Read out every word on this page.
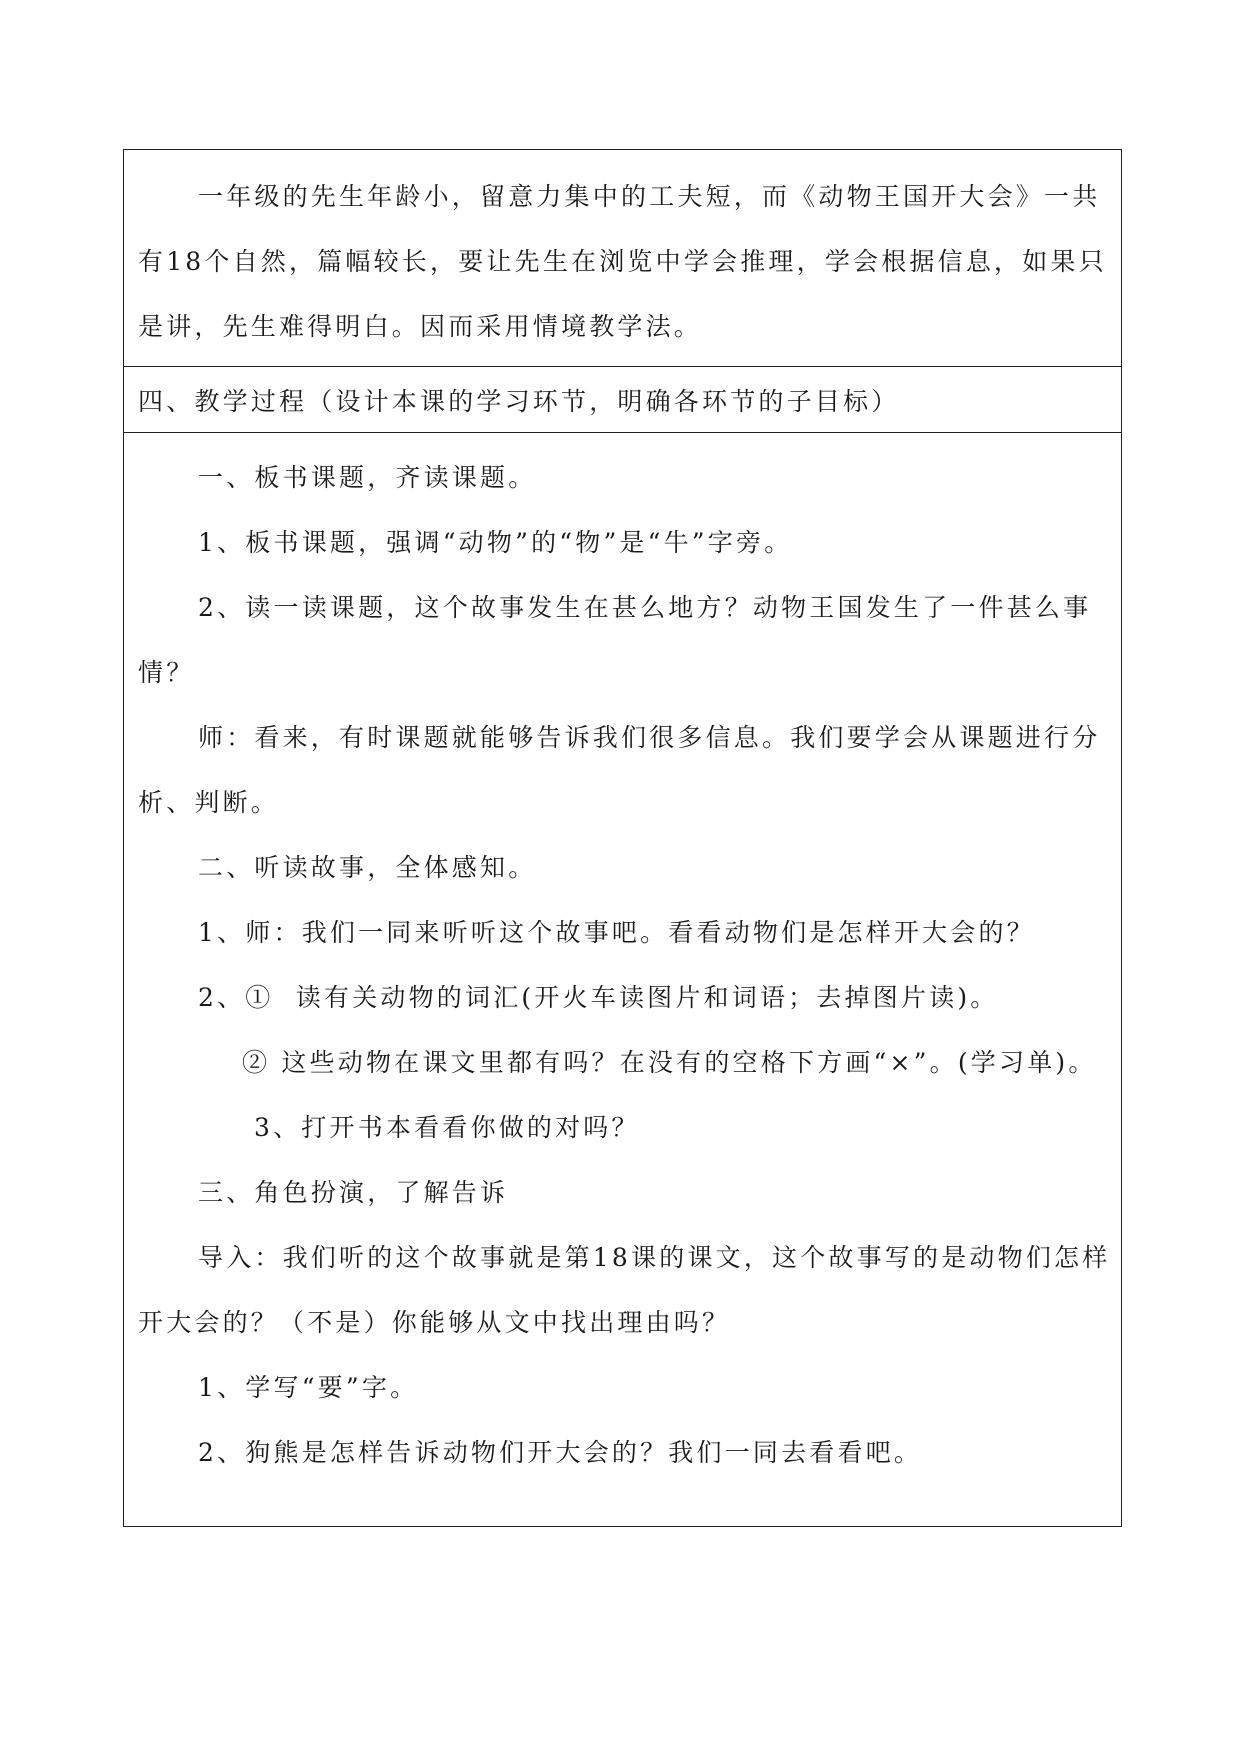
一年级的先生年龄小，留意力集中的工夫短，而《动物王国开大会》一共有18个自然，篇幅较长，要让先生在浏览中学会推理，学会根据信息，如果只是讲，先生难得明白。因而采用情境教学法。

四、教学过程（设计本课的学习环节，明确各环节的子目标）

一、板书课题，齐读课题。

1、板书课题，强调“动物”的“物”是“牛”字旁。

2、读一读课题，这个故事发生在甚么地方？动物王国发生了一件甚么事情？

师：看来，有时课题就能够告诉我们很多信息。我们要学会从课题进行分析、判断。

二、听读故事，全体感知。

1、师：我们一同来听听这个故事吧。看看动物们是怎样开大会的？

2、①  读有关动物的词汇(开火车读图片和词语；去掉图片读)。

② 这些动物在课文里都有吗？在没有的空格下方画“×”。(学习单)。

3、打开书本看看你做的对吗？

三、角色扮演，了解告诉

导入：我们听的这个故事就是第18课的课文，这个故事写的是动物们怎样开大会的？（不是）你能够从文中找出理由吗？

1、学写“要”字。

2、狗熊是怎样告诉动物们开大会的？我们一同去看看吧。
